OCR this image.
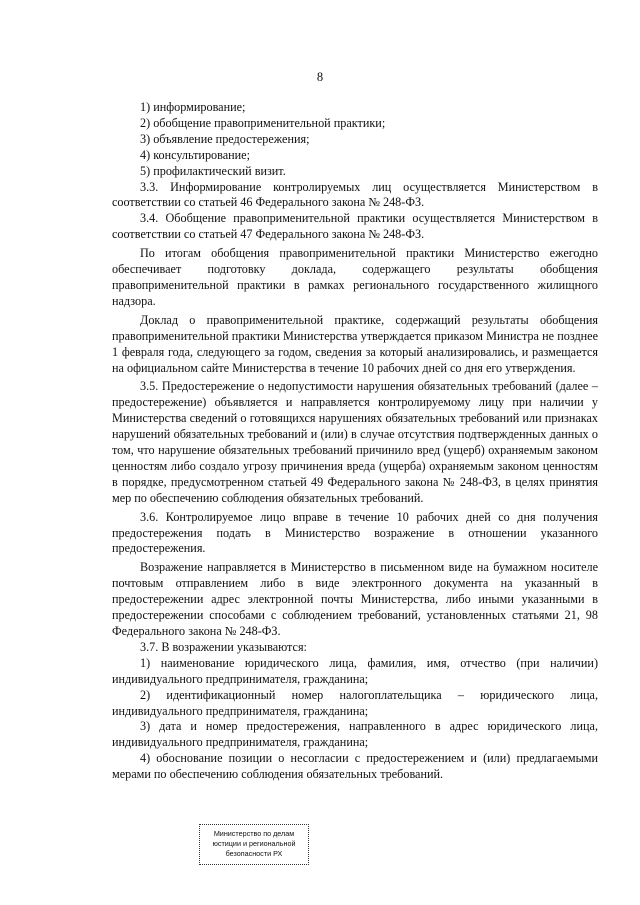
8

1) информирование;

2) обобщение правоприменительной практики;

3) объявление предостережения;

4) консультирование;

5) профилактический визит.

3.3. Информирование контролируемых лиц осуществляется Министерством в соответствии со статьей 46 Федерального закона № 248-ФЗ.

3.4. Обобщение правоприменительной практики осуществляется Министерством в соответствии со статьей 47 Федерального закона № 248-ФЗ.

По итогам обобщения правоприменительной практики Министерство ежегодно обеспечивает подготовку доклада, содержащего результаты обобщения правоприменительной практики в рамках регионального государственного жилищного надзора.

Доклад о правоприменительной практике, содержащий результаты обобщения правоприменительной практики Министерства утверждается приказом Министра не позднее 1 февраля года, следующего за годом, сведения за который анализировались, и размещается на официальном сайте Министерства в течение 10 рабочих дней со дня его утверждения.

3.5. Предостережение о недопустимости нарушения обязательных требований (далее – предостережение) объявляется и направляется контролируемому лицу при наличии у Министерства сведений о готовящихся нарушениях обязательных требований или признаках нарушений обязательных требований и (или) в случае отсутствия подтвержденных данных о том, что нарушение обязательных требований причинило вред (ущерб) охраняемым законом ценностям либо создало угрозу причинения вреда (ущерба) охраняемым законом ценностям в порядке, предусмотренном статьей 49 Федерального закона № 248-ФЗ, в целях принятия мер по обеспечению соблюдения обязательных требований.

3.6. Контролируемое лицо вправе в течение 10 рабочих дней со дня получения предостережения подать в Министерство возражение в отношении указанного предостережения.

Возражение направляется в Министерство в письменном виде на бумажном носителе почтовым отправлением либо в виде электронного документа на указанный в предостережении адрес электронной почты Министерства, либо иными указанными в предостережении способами с соблюдением требований, установленных статьями 21, 98 Федерального закона № 248-ФЗ.

3.7. В возражении указываются:

1) наименование юридического лица, фамилия, имя, отчество (при наличии) индивидуального предпринимателя, гражданина;

2) идентификационный номер налогоплательщика – юридического лица, индивидуального предпринимателя, гражданина;

3) дата и номер предостережения, направленного в адрес юридического лица, индивидуального предпринимателя, гражданина;

4) обоснование позиции о несогласии с предостережением и (или) предлагаемыми мерами по обеспечению соблюдения обязательных требований.

Министерство по делам
юстиции и региональной
безопасности РХ
